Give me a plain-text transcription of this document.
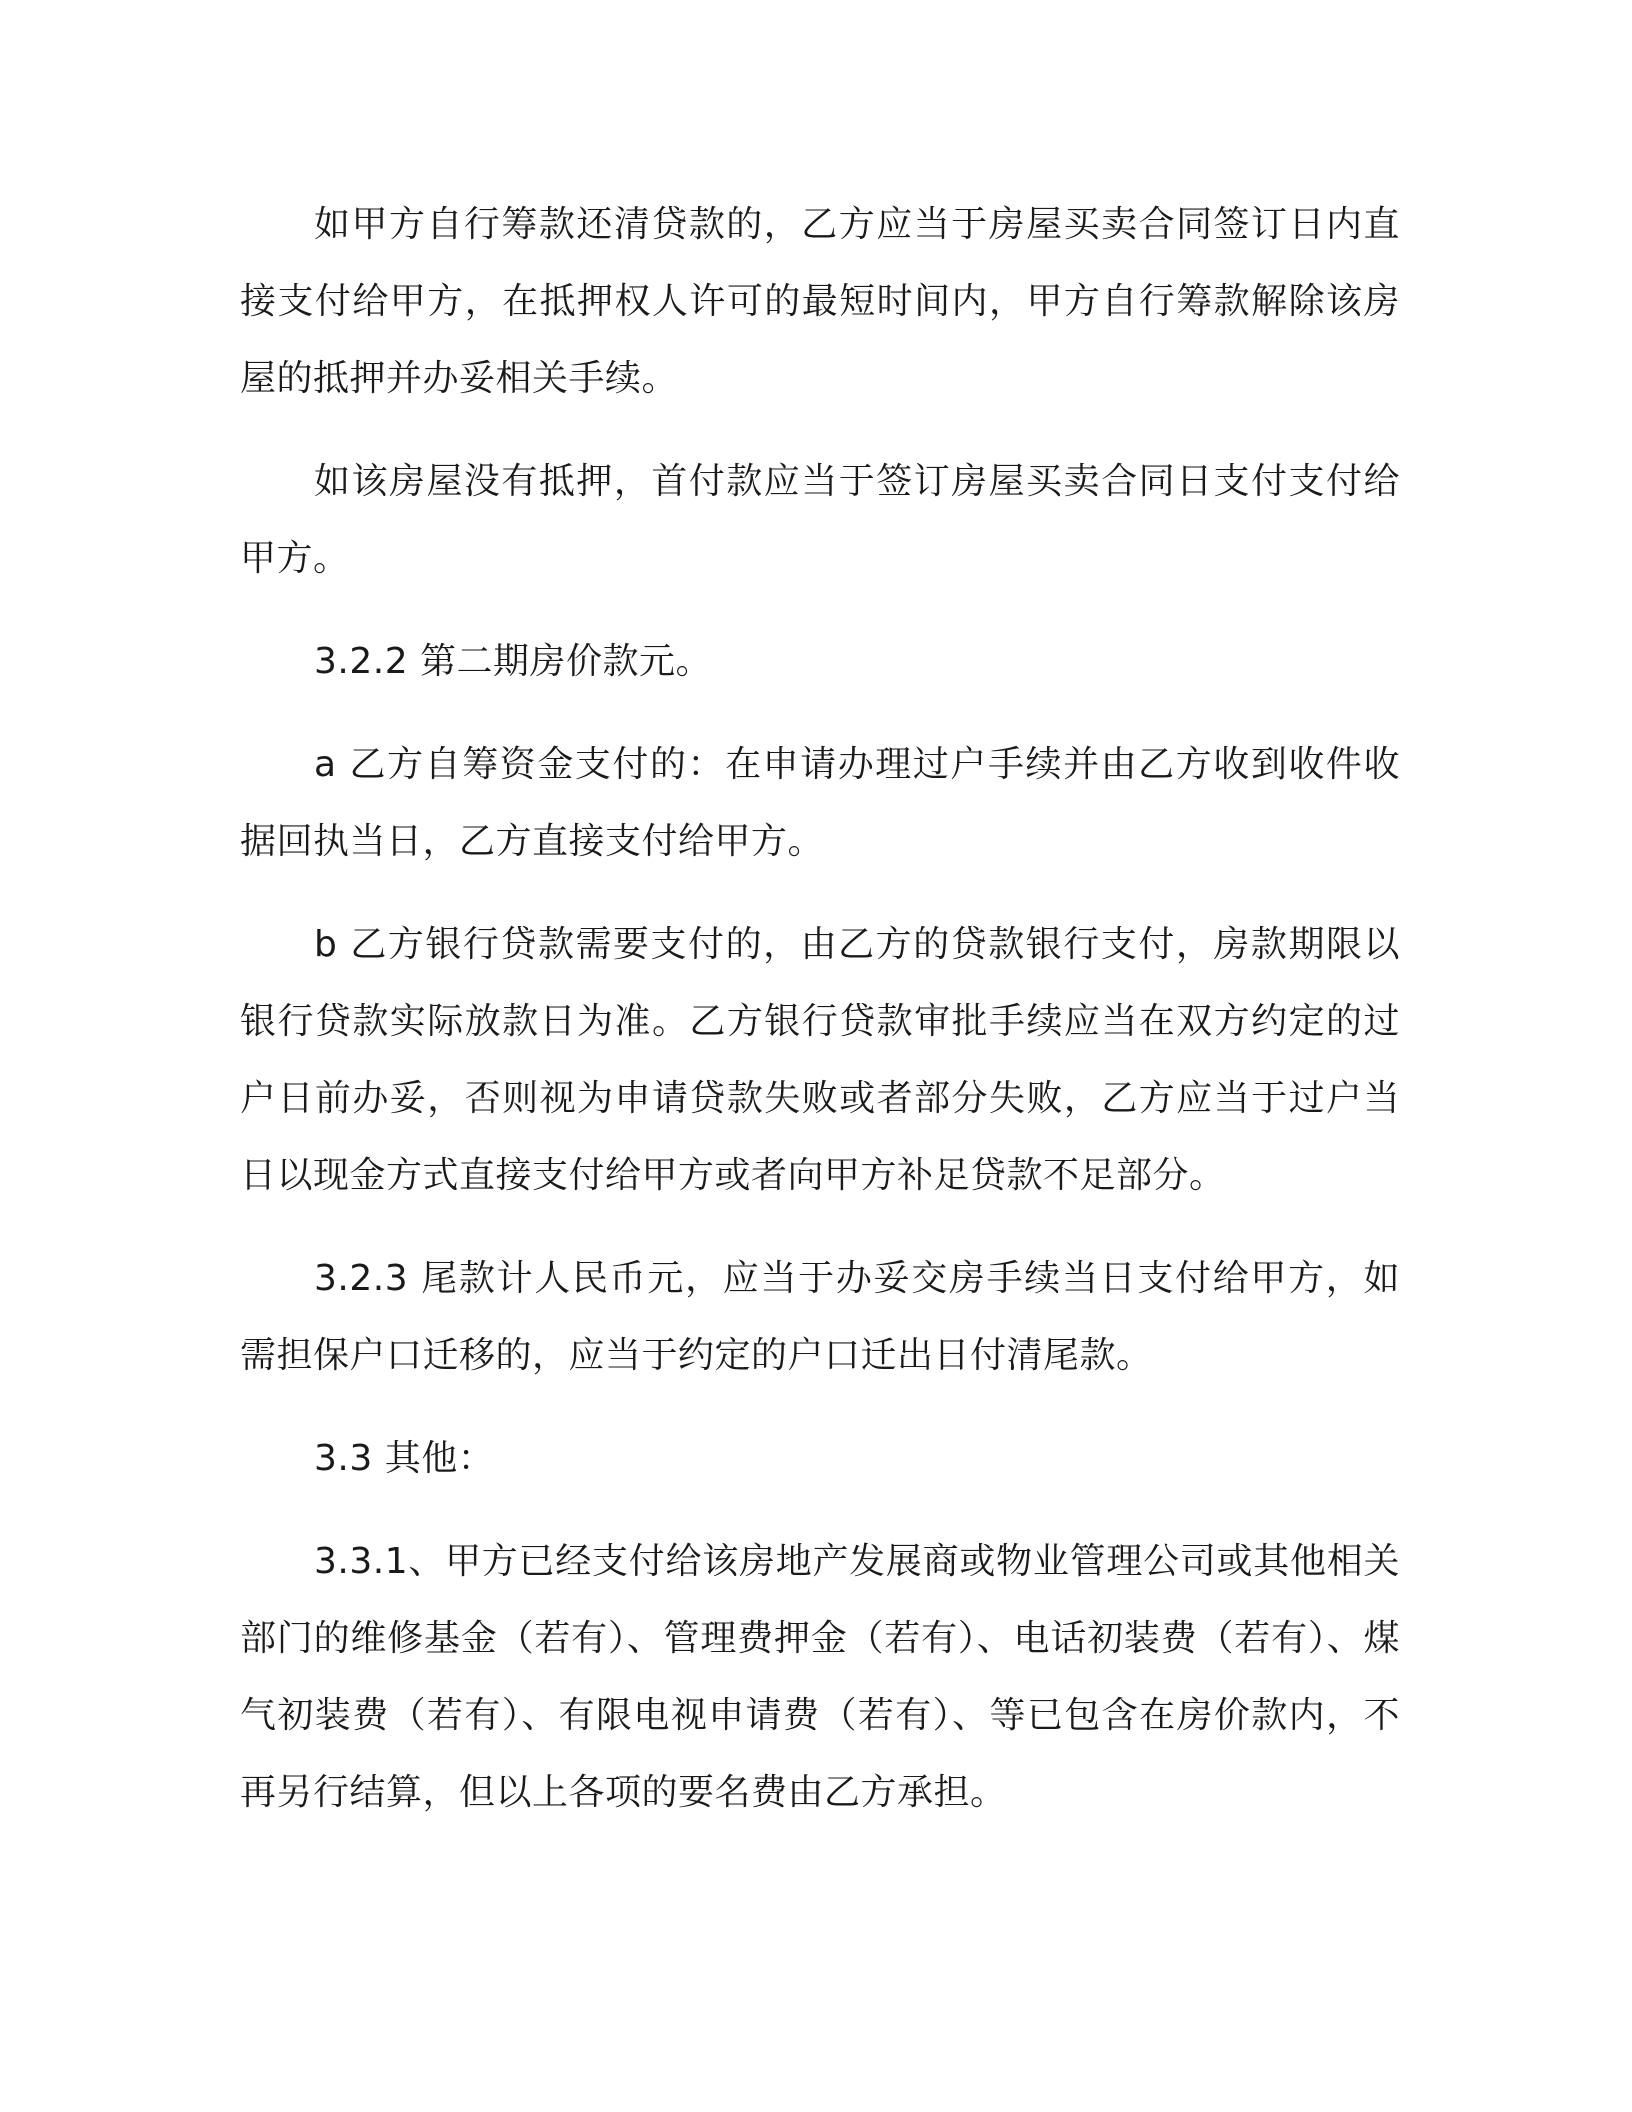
如甲方自行筹款还清贷款的，乙方应当于房屋买卖合同签订日内直接支付给甲方，在抵押权人许可的最短时间内，甲方自行筹款解除该房屋的抵押并办妥相关手续。

如该房屋没有抵押，首付款应当于签订房屋买卖合同日支付支付给甲方。

3.2.2 第二期房价款元。

a 乙方自筹资金支付的：在申请办理过户手续并由乙方收到收件收据回执当日，乙方直接支付给甲方。

b 乙方银行贷款需要支付的，由乙方的贷款银行支付，房款期限以银行贷款实际放款日为准。乙方银行贷款审批手续应当在双方约定的过户日前办妥，否则视为申请贷款失败或者部分失败，乙方应当于过户当日以现金方式直接支付给甲方或者向甲方补足贷款不足部分。

3.2.3 尾款计人民币元，应当于办妥交房手续当日支付给甲方，如需担保户口迁移的，应当于约定的户口迁出日付清尾款。

3.3 其他：

3.3.1、甲方已经支付给该房地产发展商或物业管理公司或其他相关部门的维修基金（若有）、管理费押金（若有）、电话初装费（若有）、煤气初装费（若有）、有限电视申请费（若有）、等已包含在房价款内，不再另行结算，但以上各项的要名费由乙方承担。
